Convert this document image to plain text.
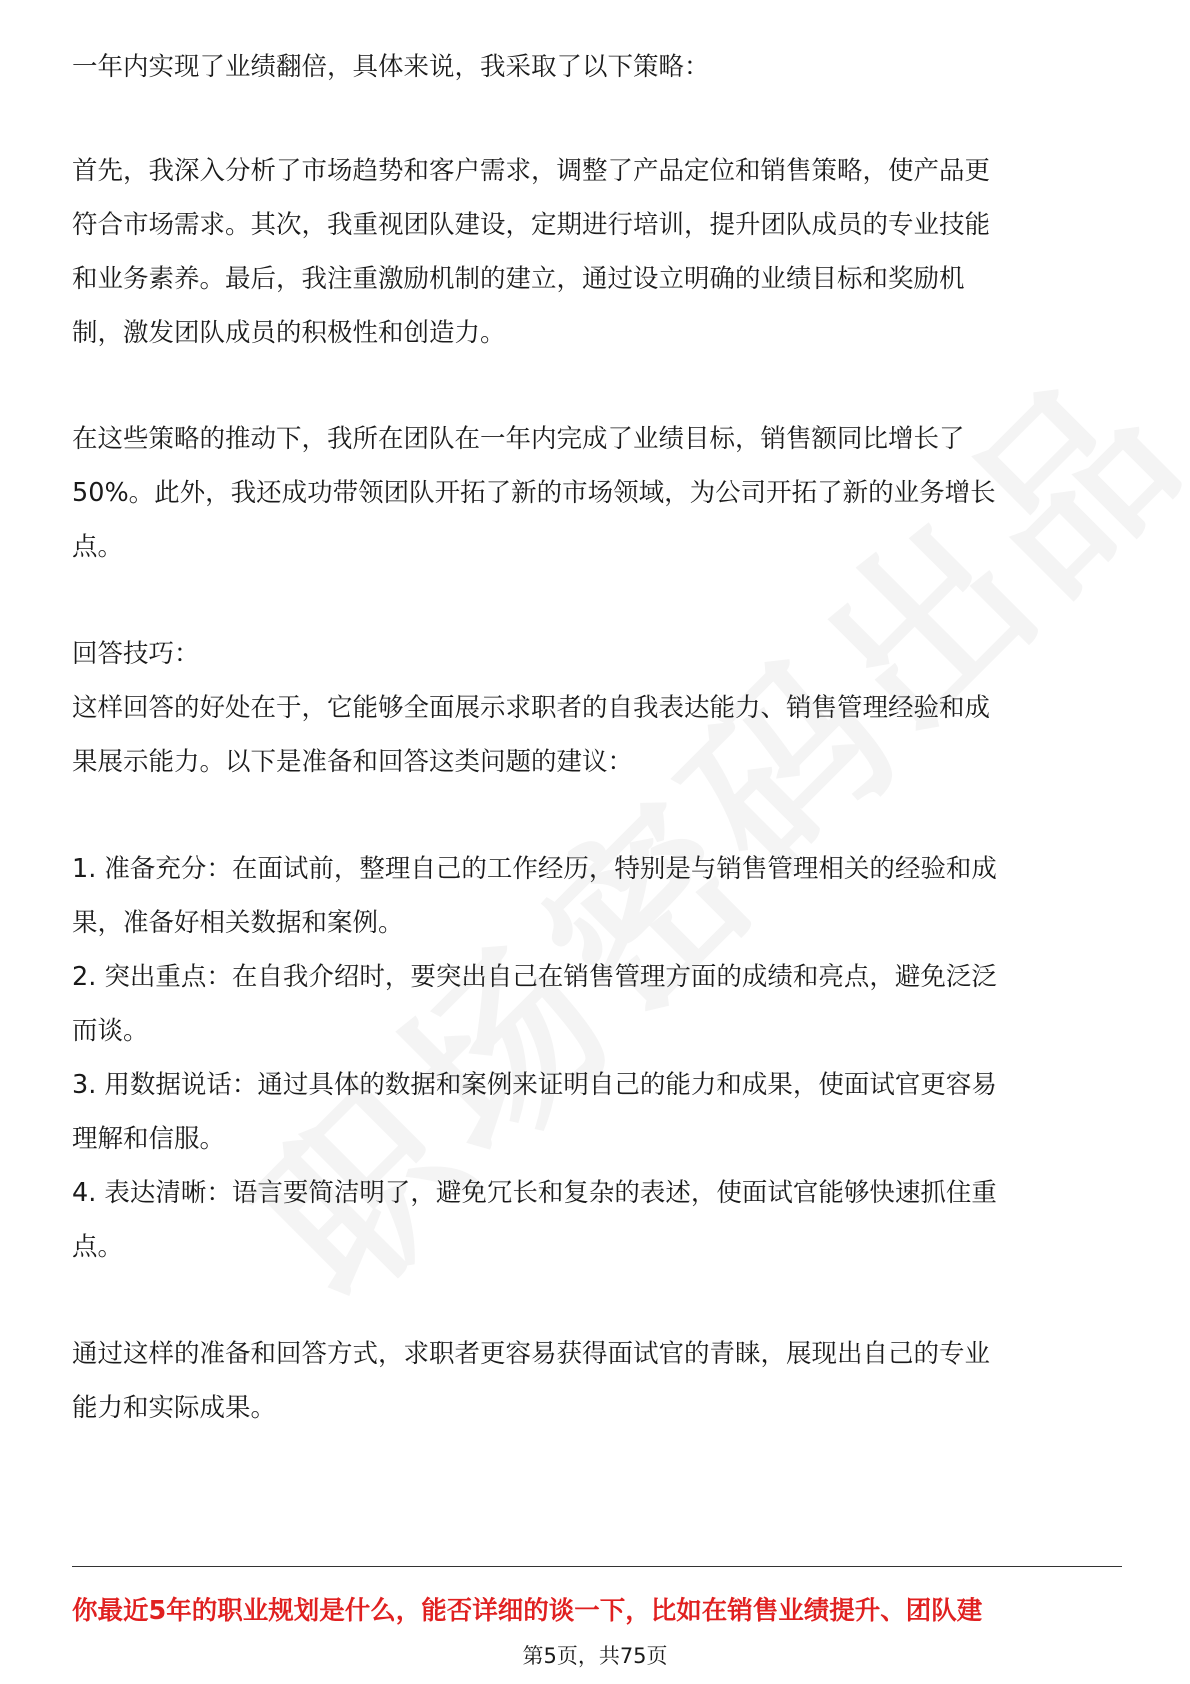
一年内实现了业绩翻倍，具体来说，我采取了以下策略：
首先，我深入分析了市场趋势和客户需求，调整了产品定位和销售策略，使产品更
符合市场需求。其次，我重视团队建设，定期进行培训，提升团队成员的专业技能
和业务素养。最后，我注重激励机制的建立，通过设立明确的业绩目标和奖励机
制，激发团队成员的积极性和创造力。
在这些策略的推动下，我所在团队在一年内完成了业绩目标，销售额同比增长了
50%。此外，我还成功带领团队开拓了新的市场领域，为公司开拓了新的业务增长
点。
回答技巧：
这样回答的好处在于，它能够全面展示求职者的自我表达能力、销售管理经验和成
果展示能力。以下是准备和回答这类问题的建议：
1. 准备充分：在面试前，整理自己的工作经历，特别是与销售管理相关的经验和成
果，准备好相关数据和案例。
2. 突出重点：在自我介绍时，要突出自己在销售管理方面的成绩和亮点，避免泛泛
而谈。
3. 用数据说话：通过具体的数据和案例来证明自己的能力和成果，使面试官更容易
理解和信服。
4. 表达清晰：语言要简洁明了，避免冗长和复杂的表述，使面试官能够快速抓住重
点。
通过这样的准备和回答方式，求职者更容易获得面试官的青睐，展现出自己的专业
能力和实际成果。
你最近5年的职业规划是什么，能否详细的谈一下，比如在销售业绩提升、团队建
第5页，共75页
